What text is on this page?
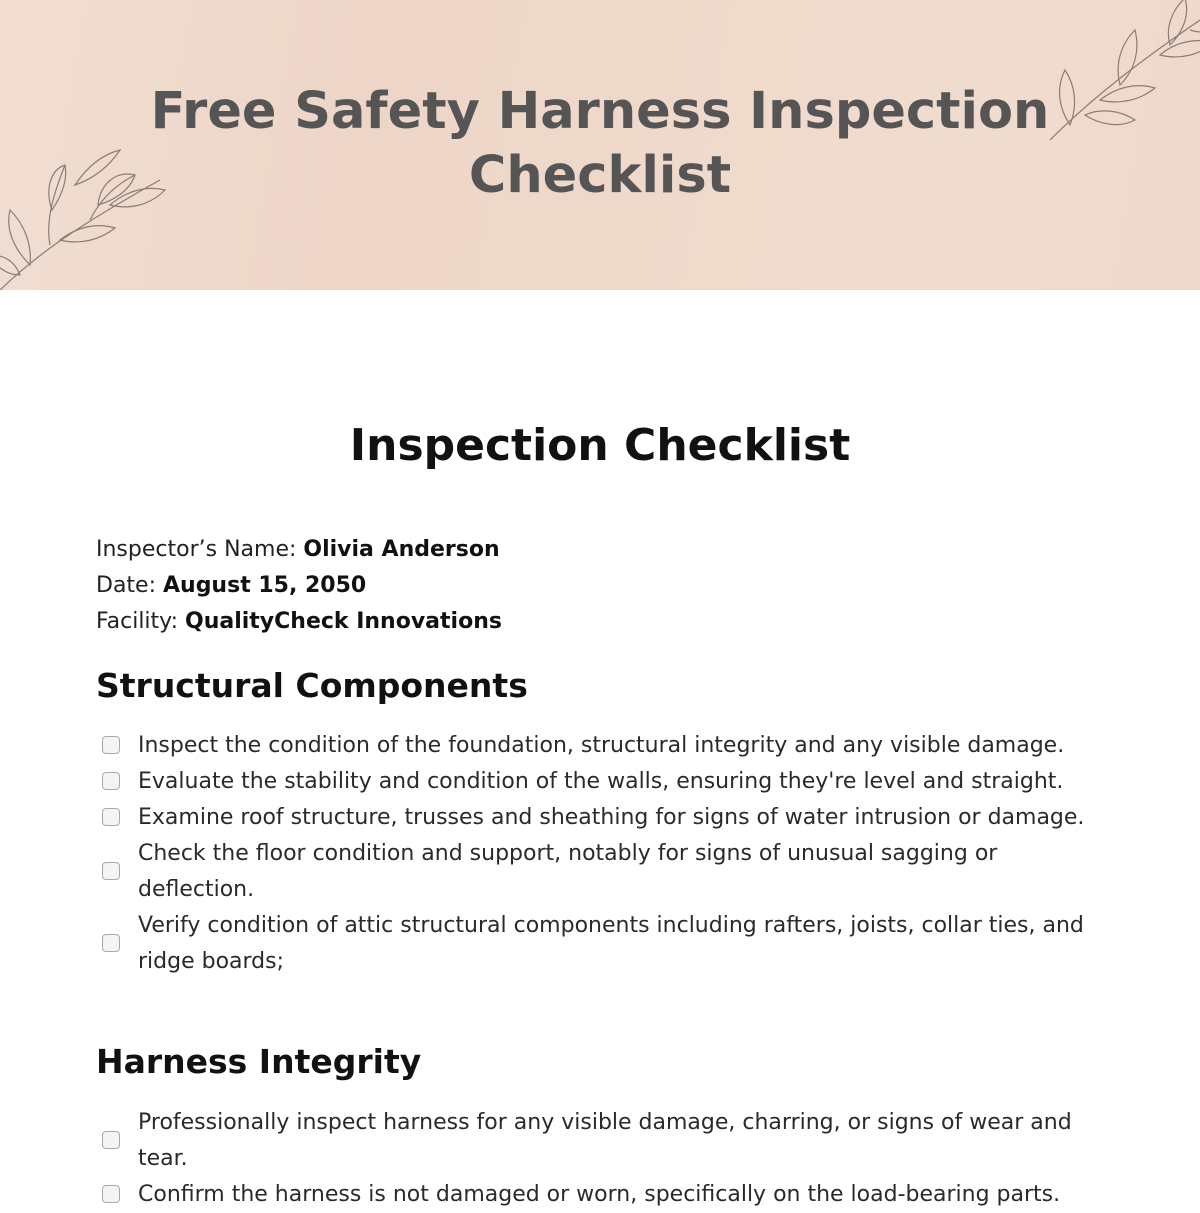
Free Safety Harness Inspection
Checklist
Inspection Checklist

Inspector’s Name: Olivia Anderson

Date: August 15, 2050

Facility: QualityCheck Innovations

Structural Components
Inspect the condition of the foundation, structural integrity and any visible damage.
Evaluate the stability and condition of the walls, ensuring they're level and straight.
Examine roof structure, trusses and sheathing for signs of water intrusion or damage.
Check the floor condition and support, notably for signs of unusual sagging or deflection.
Verify condition of attic structural components including rafters, joists, collar ties, and ridge boards;
Harness Integrity
Professionally inspect harness for any visible damage, charring, or signs of wear and tear.
Confirm the harness is not damaged or worn, specifically on the load-bearing parts.
